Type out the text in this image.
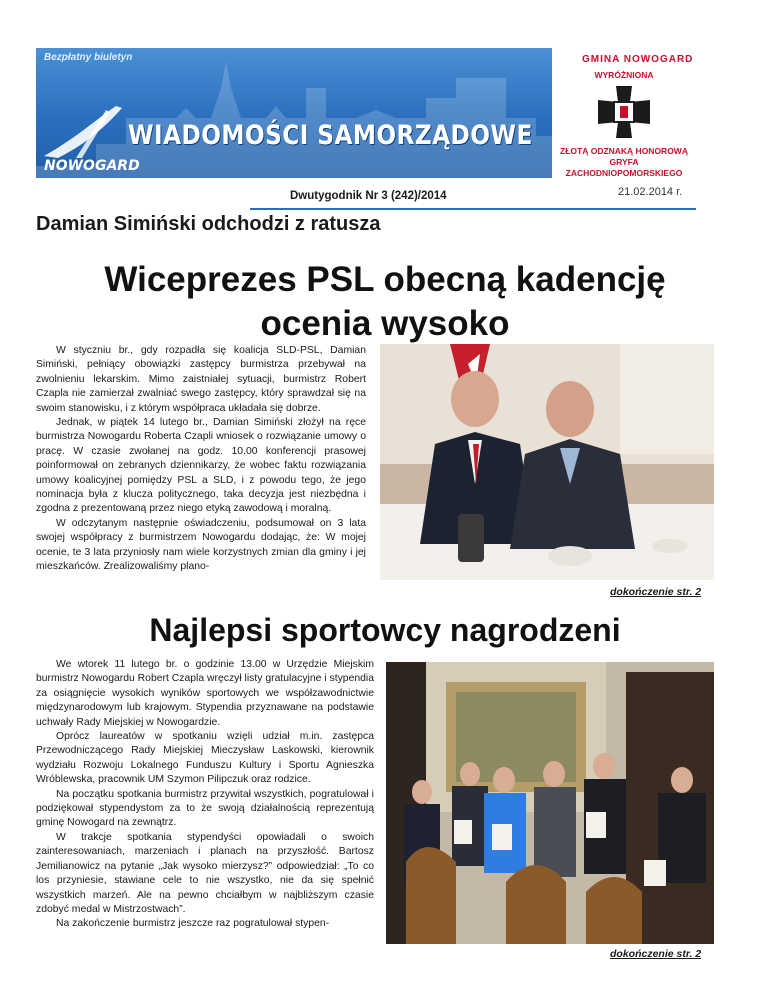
Bezpłatny biuletyn
WIADOMOŚCI SAMORZĄDOWE
NOWOGARD
GMINA NOWOGARD
WYRÓŻNIONA
ZŁOTĄ ODZNAKĄ HONOROWĄ
GRYFA
ZACHODNIOPOMORSKIEGO
Dwutygodnik Nr 3 (242)/2014	21.02.2014 r.
Damian Simiński odchodzi z ratusza
Wiceprezes PSL obecną kadencję ocenia wysoko

W styczniu br., gdy rozpadła się koalicja SLD-PSL, Damian Simiński, pełniący obowiązki zastępcy burmistrza przebywał na zwolnieniu lekarskim. Mimo zaistniałej sytuacji, burmistrz Robert Czapla nie zamierzał zwalniać swego zastępcy, który sprawdzał się na swoim stanowisku, i z którym współpraca układała się dobrze.

Jednak, w piątek 14 lutego br., Damian Simiński złożył na ręce burmistrza Nowogardu Roberta Czapli wniosek o rozwiązanie umowy o pracę. W czasie zwołanej na godz. 10.00 konferencji prasowej poinformował on zebranych dziennikarzy, że wobec faktu rozwiązania umowy koalicyjnej pomiędzy PSL a SLD, i z powodu tego, że jego nominacja była z klucza politycznego, taka decyzja jest niezbędna i zgodna z prezentowaną przez niego etyką zawodową i moralną.

W odczytanym następnie oświadczeniu, podsumował on 3 lata swojej współpracy z burmistrzem Nowogardu dodając, że: W mojej ocenie, te 3 lata przyniosły nam wiele korzystnych zmian dla gminy i jej mieszkańców. Zrealizowaliśmy plano-

dokończenie str. 2
Najlepsi sportowcy nagrodzeni

We wtorek 11 lutego br. o godzinie 13.00 w Urzędzie Miejskim burmistrz Nowogardu Robert Czapla wręczył listy gratulacyjne i stypendia za osiągnięcie wysokich wyników sportowych we współzawodnictwie międzynarodowym lub krajowym. Stypendia przyznawane na podstawie uchwały Rady Miejskiej w Nowogardzie.

Oprócz laureatów w spotkaniu wzięli udział m.in. zastępca Przewodniczącego Rady Miejskiej Mieczysław Laskowski, kierownik wydziału Rozwoju Lokalnego Funduszu Kultury i Sportu Agnieszka Wróblewska, pracownik UM Szymon Pilipczuk oraz rodzice.

Na początku spotkania burmistrz przywitał wszystkich, pogratulował i podziękował stypendystom za to że swoją działalnością reprezentują gminę Nowogard na zewnątrz.

W trakcje spotkania stypendyści opowiadali o swoich zainteresowaniach, marzeniach i planach na przyszłość. Bartosz Jemilianowicz na pytanie „Jak wysoko mierzysz?” odpowiedział: „To co los przyniesie, stawiane cele to nie wszystko, nie da się spełnić wszystkich marzeń. Ale na pewno chciałbym w najbliższym czasie zdobyć medal w Mistrzostwach”.

Na zakończenie burmistrz jeszcze raz pogratulował stypen-

dokończenie str. 2
